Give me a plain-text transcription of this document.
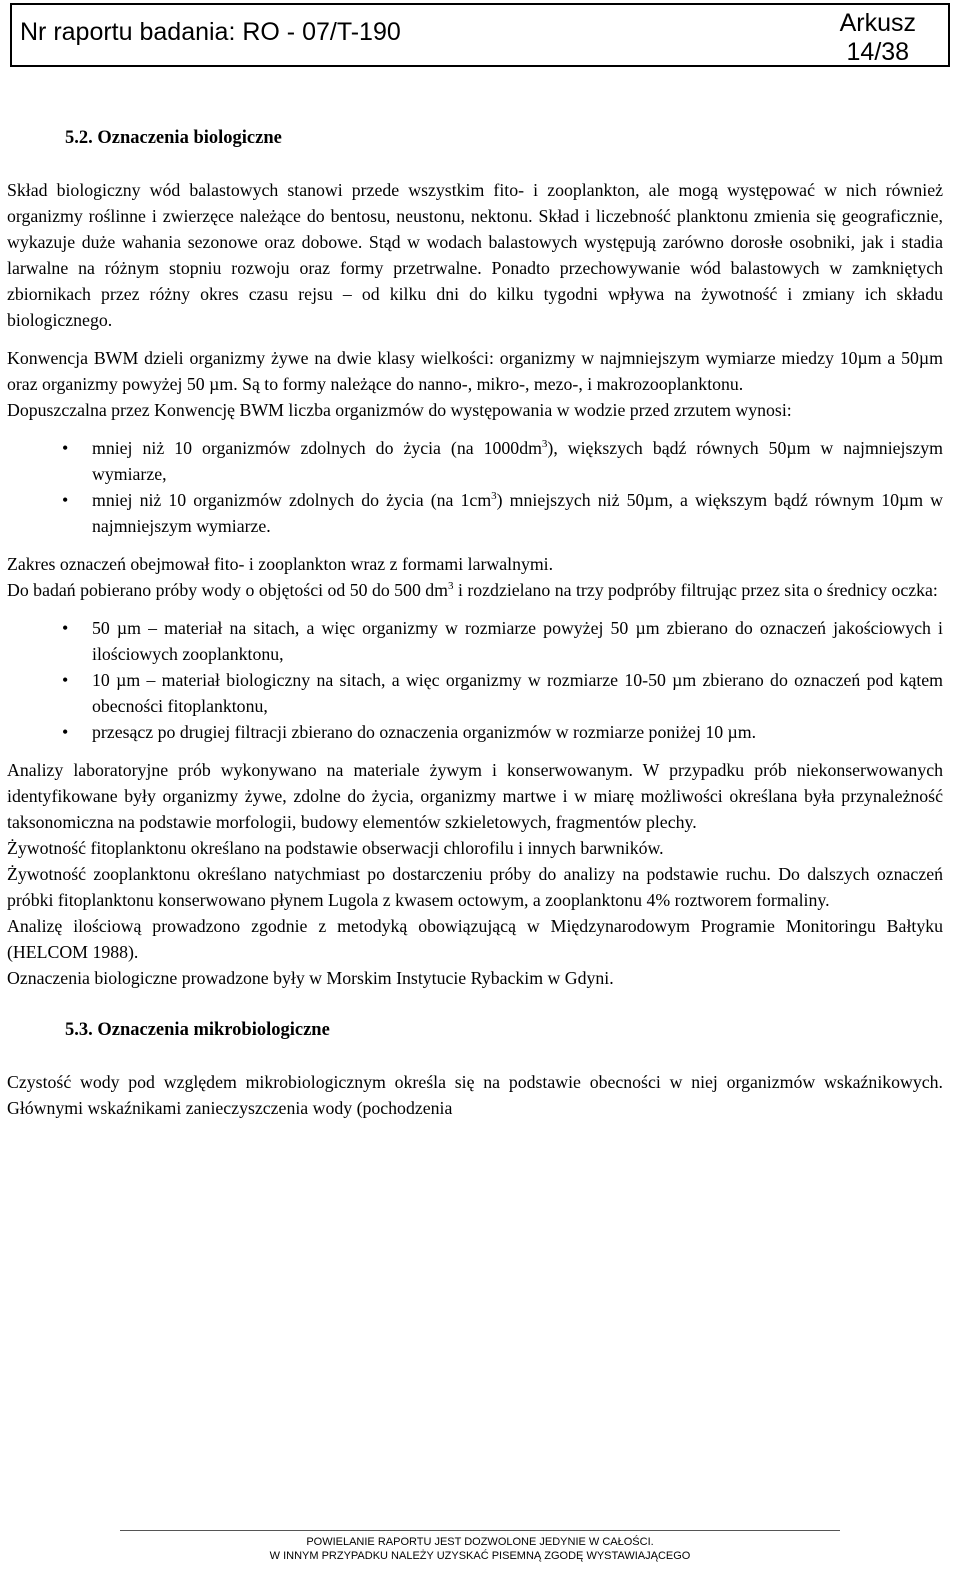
Nr raportu badania: RO - 07/T-190	Arkusz
14/38
5.2. Oznaczenia biologiczne

Skład biologiczny wód balastowych stanowi przede wszystkim fito- i zooplankton, ale mogą występować w nich również organizmy roślinne i zwierzęce należące do bentosu, neustonu, nektonu. Skład i liczebność planktonu zmienia się geograficznie, wykazuje duże wahania sezonowe oraz dobowe. Stąd w wodach balastowych występują zarówno dorosłe osobniki, jak i stadia larwalne na różnym stopniu rozwoju oraz formy przetrwalne. Ponadto przechowywanie wód balastowych w zamkniętych zbiornikach przez różny okres czasu rejsu – od kilku dni do kilku tygodni wpływa na żywotność i zmiany ich składu biologicznego.

Konwencja BWM dzieli organizmy żywe na dwie klasy wielkości: organizmy w najmniejszym wymiarze miedzy 10µm a 50µm oraz organizmy powyżej 50 µm. Są to formy należące do nanno-, mikro-, mezo-, i makrozooplanktonu.

Dopuszczalna przez Konwencję BWM liczba organizmów do występowania w wodzie przed zrzutem wynosi:

• mniej niż 10 organizmów zdolnych do życia (na $1000dm^3$), większych bądź równych 50µm w najmniejszym wymiarze,
• mniej niż 10 organizmów zdolnych do życia (na $1cm^3$) mniejszych niż 50µm, a większym bądź równym 10µm w najmniejszym wymiarze.

Zakres oznaczeń obejmował fito- i zooplankton wraz z formami larwalnymi.

Do badań pobierano próby wody o objętości od 50 do 500 $dm^3$ i rozdzielano na trzy podpróby filtrując przez sita o średnicy oczka:

• 50 µm – materiał na sitach, a więc organizmy w rozmiarze powyżej 50 µm zbierano do oznaczeń jakościowych i ilościowych zooplanktonu,
• 10 µm – materiał biologiczny na sitach, a więc organizmy w rozmiarze 10-50 µm zbierano do oznaczeń pod kątem obecności fitoplanktonu,
• przesącz po drugiej filtracji zbierano do oznaczenia organizmów w rozmiarze poniżej 10 µm.

Analizy laboratoryjne prób wykonywano na materiale żywym i konserwowanym. W przypadku prób niekonserwowanych identyfikowane były organizmy żywe, zdolne do życia, organizmy martwe i w miarę możliwości określana była przynależność taksonomiczna na podstawie morfologii, budowy elementów szkieletowych, fragmentów plechy.

Żywotność fitoplanktonu określano na podstawie obserwacji chlorofilu i innych barwników.

Żywotność zooplanktonu określano natychmiast po dostarczeniu próby do analizy na podstawie ruchu. Do dalszych oznaczeń próbki fitoplanktonu konserwowano płynem Lugola z kwasem octowym, a zooplanktonu 4% roztworem formaliny.

Analizę ilościową prowadzono zgodnie z metodyką obowiązującą w Międzynarodowym Programie Monitoringu Bałtyku (HELCOM 1988).

Oznaczenia biologiczne prowadzone były w Morskim Instytucie Rybackim w Gdyni.

5.3. Oznaczenia mikrobiologiczne

Czystość wody pod względem mikrobiologicznym określa się na podstawie obecności w niej organizmów wskaźnikowych. Głównymi wskaźnikami zanieczyszczenia wody (pochodzenia

POWIELANIE RAPORTU JEST DOZWOLONE JEDYNIE W CAŁOŚCI.
W INNYM PRZYPADKU NALEŻY UZYSKAĆ PISEMNĄ ZGODĘ WYSTAWIAJĄCEGO
